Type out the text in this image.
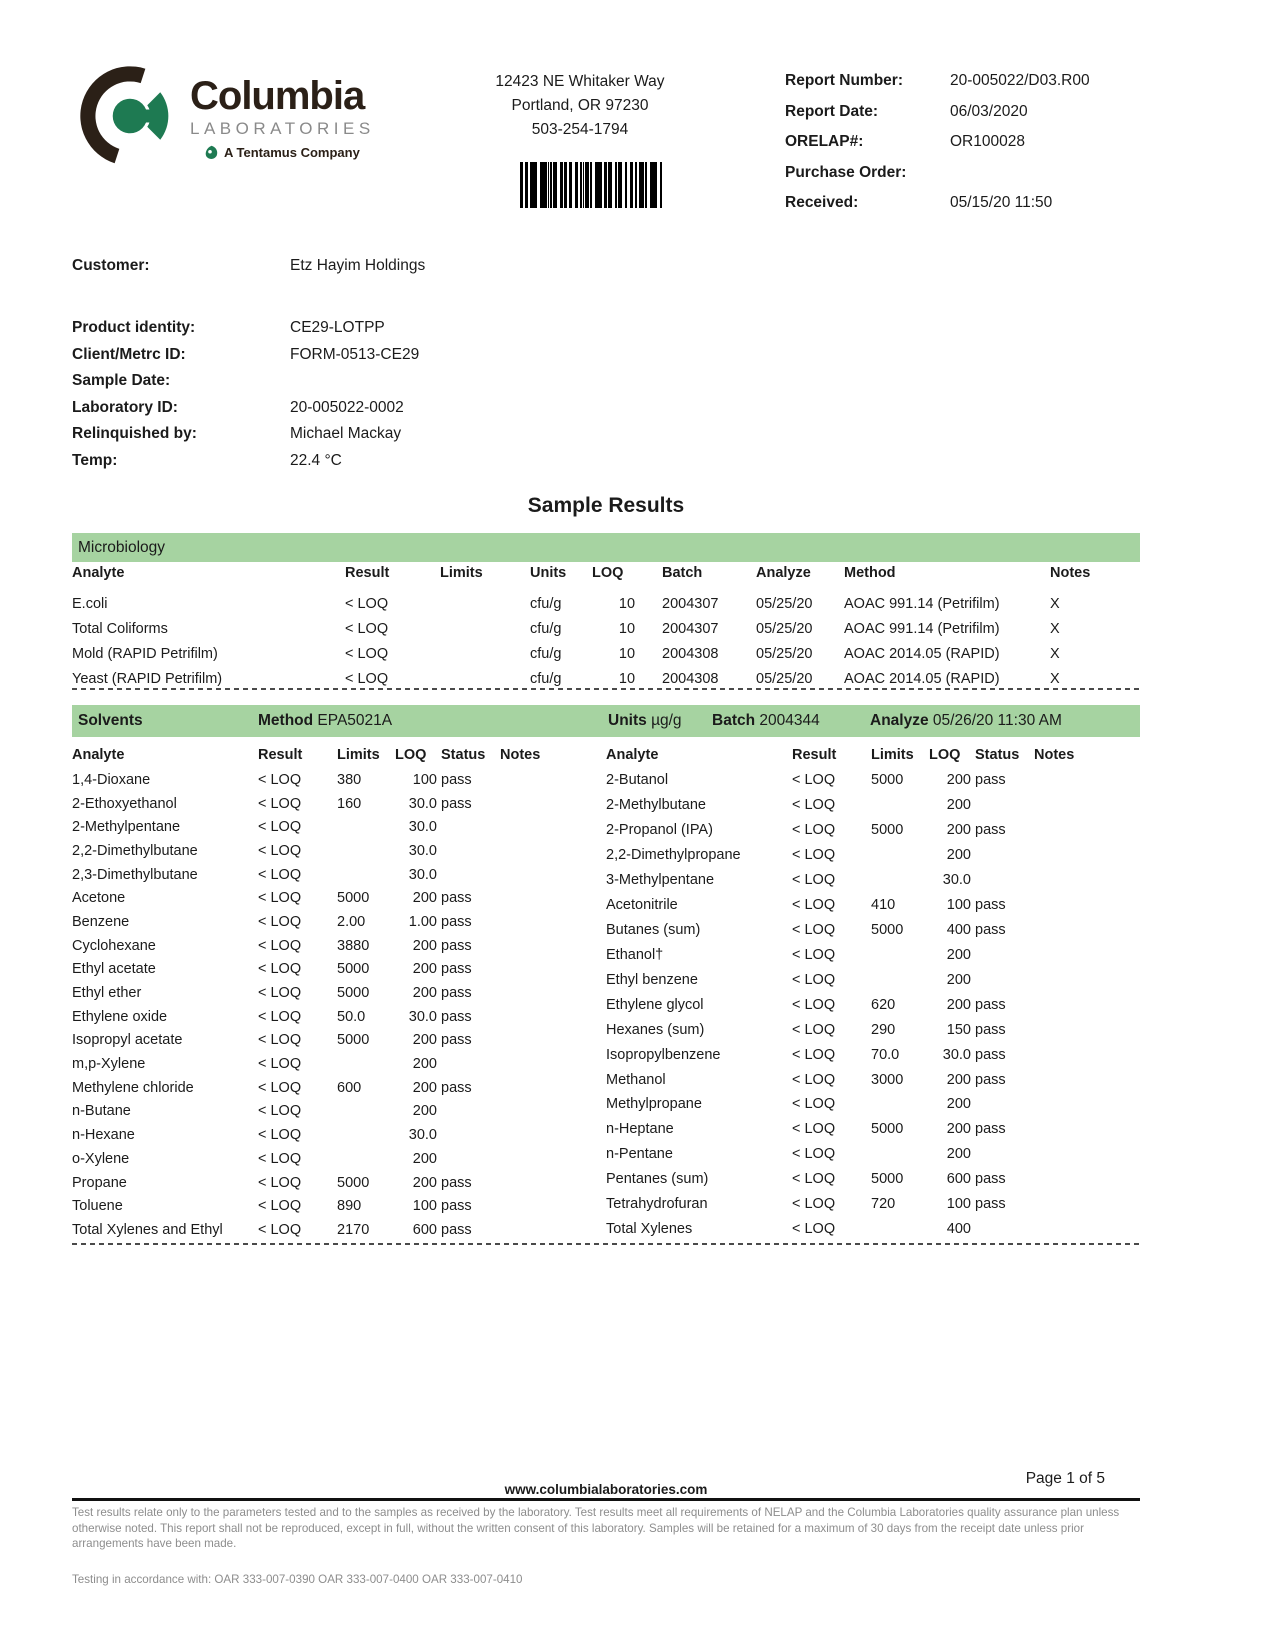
Columbia
LABORATORIES
A Tentamus Company
12423 NE Whitaker Way
Portland, OR 97230
503-254-1794
Report Number:	20-005022/D03.R00
Report Date:	06/03/2020
ORELAP#:	OR100028
Purchase Order:
Received:	05/15/20 11:50
Customer:	Etz Hayim Holdings
Product identity:	CE29-LOTPP
Client/Metrc ID:	FORM-0513-CE29
Sample Date:
Laboratory ID:	20-005022-0002
Relinquished by:	Michael Mackay
Temp:	22.4 °C
Sample Results
Microbiology
Analyte	Result	Limits	Units	LOQ	Batch	Analyze	Method	Notes
E.coli	< LOQ		cfu/g	10	2004307	05/25/20	AOAC 991.14 (Petrifilm)	X
Total Coliforms	< LOQ		cfu/g	10	2004307	05/25/20	AOAC 991.14 (Petrifilm)	X
Mold (RAPID Petrifilm)	< LOQ		cfu/g	10	2004308	05/25/20	AOAC 2014.05 (RAPID)	X
Yeast (RAPID Petrifilm)	< LOQ		cfu/g	10	2004308	05/25/20	AOAC 2014.05 (RAPID)	X
Solvents	Method EPA5021A	Units µg/g Batch 2004344	Analyze 05/26/20 11:30 AM
Analyte	Result	Limits	LOQ	Status	Notes
1,4-Dioxane	< LOQ	380	100	pass	
2-Ethoxyethanol	< LOQ	160	30.0	pass	
2-Methylpentane	< LOQ		30.0		
2,2-Dimethylbutane	< LOQ		30.0		
2,3-Dimethylbutane	< LOQ		30.0		
Acetone	< LOQ	5000	200	pass	
Benzene	< LOQ	2.00	1.00	pass	
Cyclohexane	< LOQ	3880	200	pass	
Ethyl acetate	< LOQ	5000	200	pass	
Ethyl ether	< LOQ	5000	200	pass	
Ethylene oxide	< LOQ	50.0	30.0	pass	
Isopropyl acetate	< LOQ	5000	200	pass	
m,p-Xylene	< LOQ		200		
Methylene chloride	< LOQ	600	200	pass	
n-Butane	< LOQ		200		
n-Hexane	< LOQ		30.0		
o-Xylene	< LOQ		200		
Propane	< LOQ	5000	200	pass	
Toluene	< LOQ	890	100	pass	
Total Xylenes and Ethyl	< LOQ	2170	600	pass	
Analyte	Result	Limits	LOQ	Status	Notes
2-Butanol	< LOQ	5000	200	pass	
2-Methylbutane	< LOQ		200		
2-Propanol (IPA)	< LOQ	5000	200	pass	
2,2-Dimethylpropane	< LOQ		200		
3-Methylpentane	< LOQ		30.0		
Acetonitrile	< LOQ	410	100	pass	
Butanes (sum)	< LOQ	5000	400	pass	
Ethanol†	< LOQ		200		
Ethyl benzene	< LOQ		200		
Ethylene glycol	< LOQ	620	200	pass	
Hexanes (sum)	< LOQ	290	150	pass	
Isopropylbenzene	< LOQ	70.0	30.0	pass	
Methanol	< LOQ	3000	200	pass	
Methylpropane	< LOQ		200		
n-Heptane	< LOQ	5000	200	pass	
n-Pentane	< LOQ		200		
Pentanes (sum)	< LOQ	5000	600	pass	
Tetrahydrofuran	< LOQ	720	100	pass	
Total Xylenes	< LOQ		400		
Page 1 of 5
www.columbialaboratories.com
Test results relate only to the parameters tested and to the samples as received by the laboratory. Test results meet all requirements of NELAP and the Columbia Laboratories quality assurance plan unless otherwise noted. This report shall not be reproduced, except in full, without the written consent of this laboratory. Samples will be retained for a maximum of 30 days from the receipt date unless prior arrangements have been made.
Testing in accordance with: OAR 333-007-0390 OAR 333-007-0400 OAR 333-007-0410
